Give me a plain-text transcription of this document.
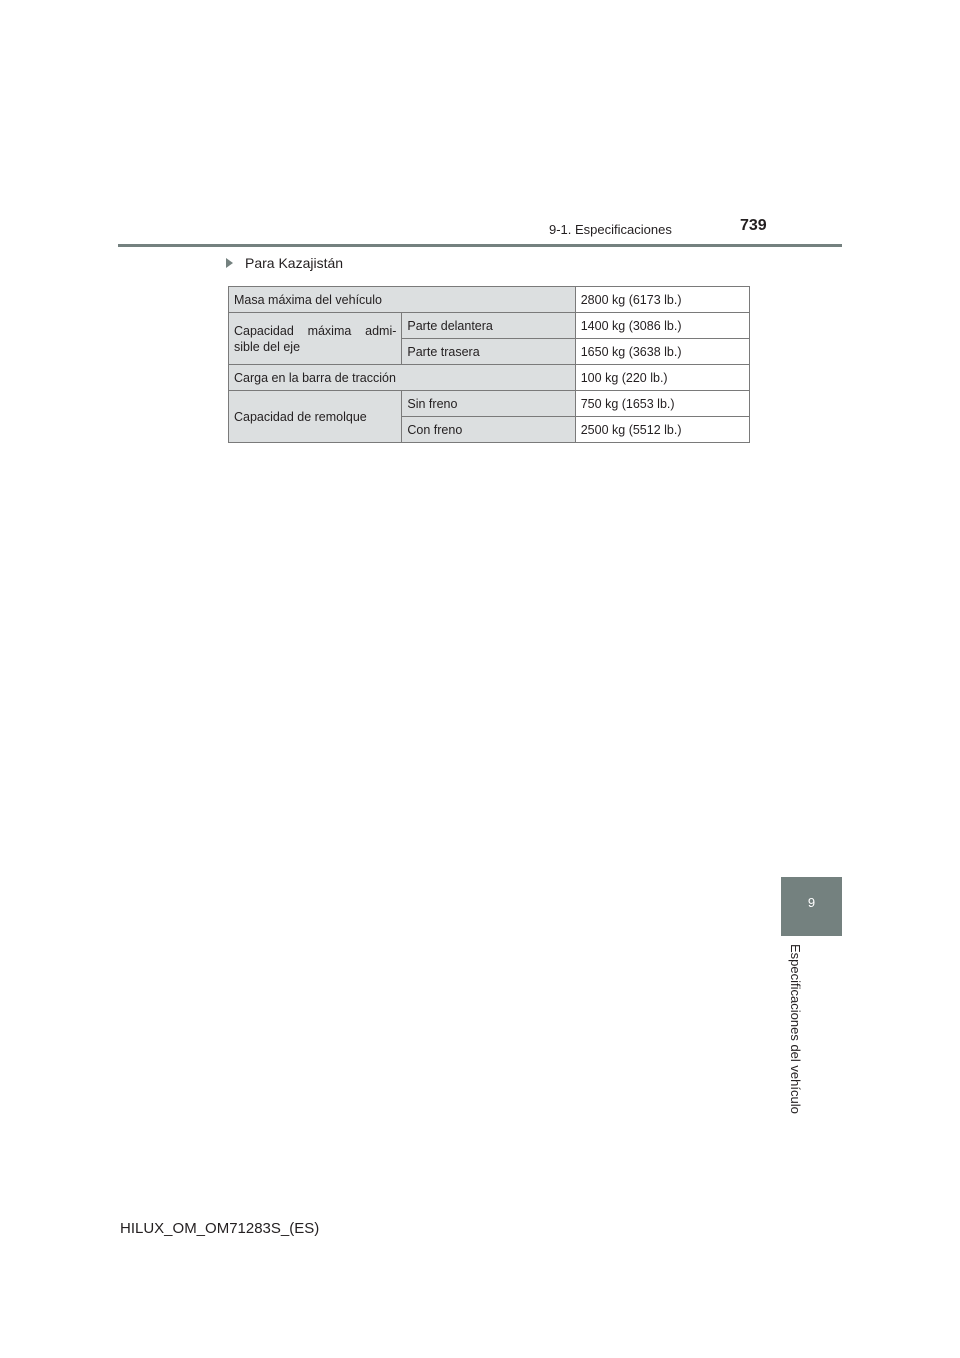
9-1. Especificaciones	739
Para Kazajistán
Masa máxima del vehículo		2800 kg (6173 lb.)
Capacidad máxima admi-sible del eje	Parte delantera	1400 kg (3086 lb.)
	Parte trasera	1650 kg (3638 lb.)
Carga en la barra de tracción		100 kg (220 lb.)
Capacidad de remolque	Sin freno	750 kg (1653 lb.)
	Con freno	2500 kg (5512 lb.)
9
Especificaciones del vehículo
HILUX_OM_OM71283S_(ES)
